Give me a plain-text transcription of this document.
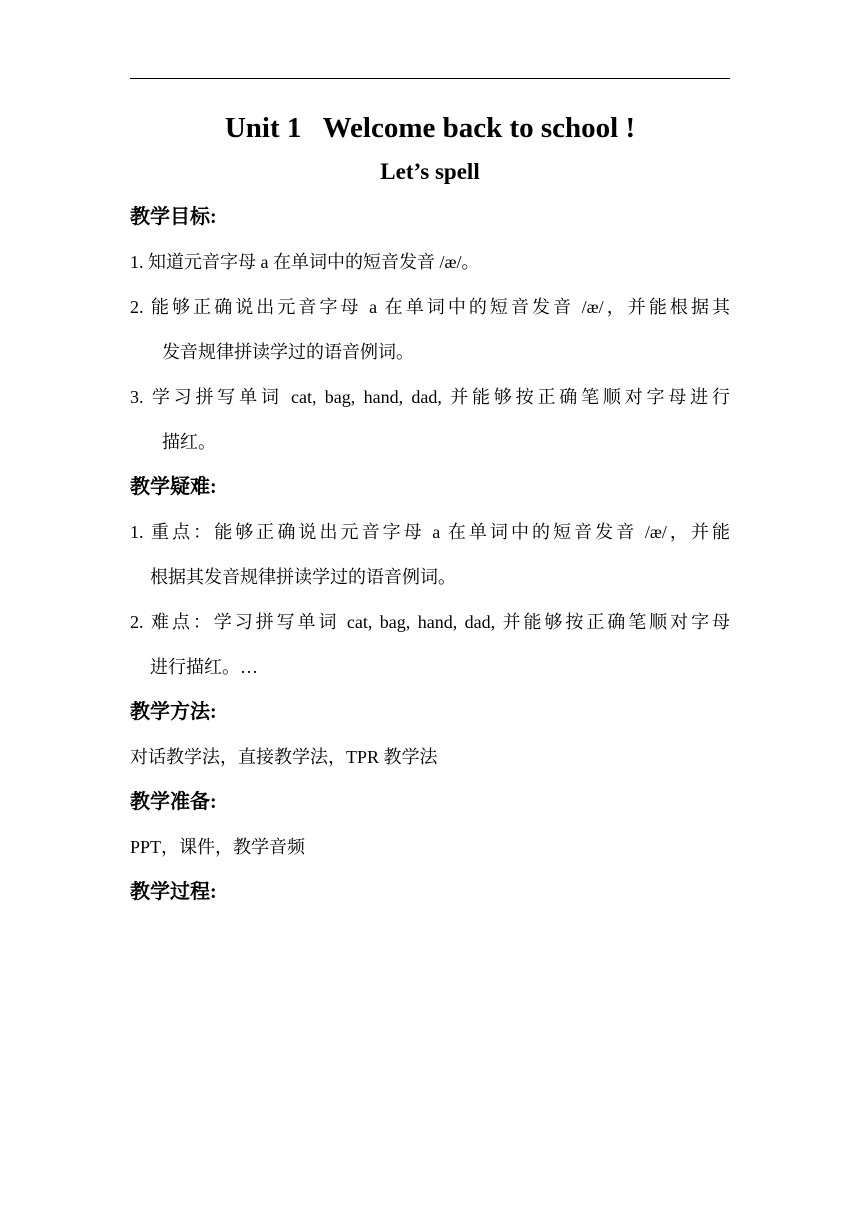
Unit 1   Welcome back to school !
Let’s spell
教学目标:
1. 知道元音字母 a 在单词中的短音发音 /æ/。
2. 能够正确说出元音字母 a 在单词中的短音发音 /æ/，并能根据其
发音规律拼读学过的语音例词。
3. 学习拼写单词 cat, bag, hand, dad, 并能够按正确笔顺对字母进行
描红。
教学疑难:
1. 重点：能够正确说出元音字母 a 在单词中的短音发音 /æ/，并能
根据其发音规律拼读学过的语音例词。
2. 难点：学习拼写单词 cat, bag, hand, dad, 并能够按正确笔顺对字母
进行描红。…
教学方法:
对话教学法，直接教学法，TPR 教学法
教学准备:
PPT，课件，教学音频
教学过程:
